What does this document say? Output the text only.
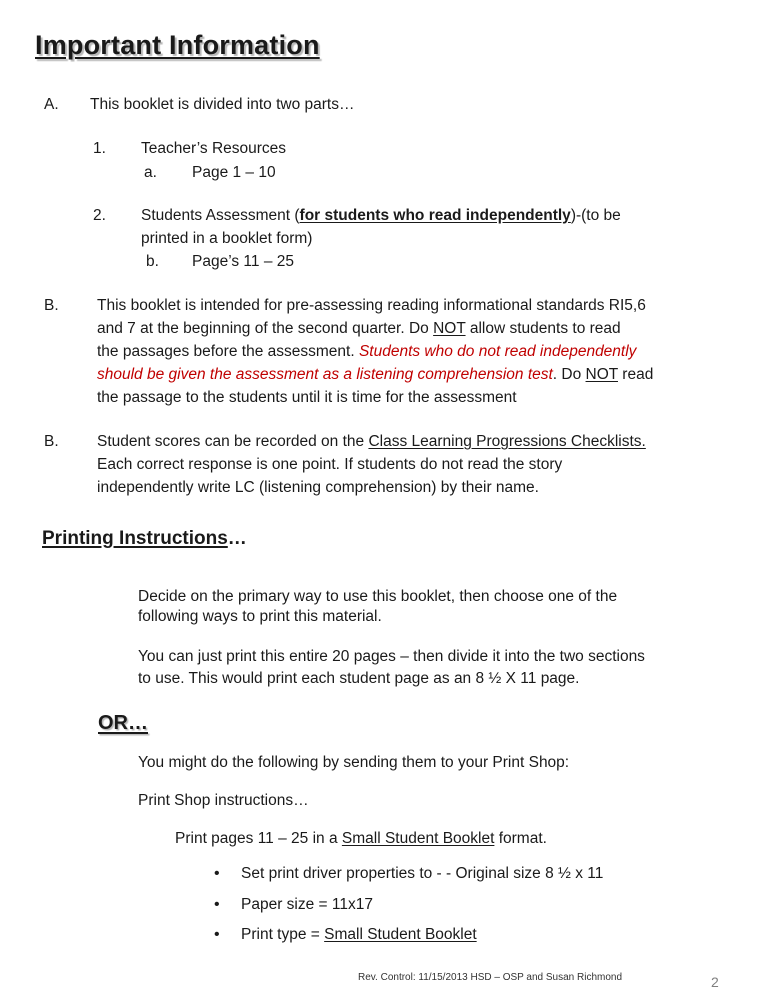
Important Information
A. This booklet is divided into two parts…
1. Teacher’s Resources
a. Page 1 – 10
2. Students Assessment (for students who read independently)-(to be
printed in a booklet form)
b. Page’s 11 – 25
B. This booklet is intended for pre-assessing reading informational standards RI5,6
and 7 at the beginning of the second quarter. Do NOT allow students to read
the passages before the assessment. Students who do not read independently
should be given the assessment as a listening comprehension test. Do NOT read
the passage to the students until it is time for the assessment
B. Student scores can be recorded on the Class Learning Progressions Checklists.
Each correct response is one point. If students do not read the story
independently write LC (listening comprehension) by their name.
Printing Instructions…
Decide on the primary way to use this booklet, then choose one of the
following ways to print this material.
You can just print this entire 20 pages – then divide it into the two sections
to use. This would print each student page as an 8 ½ X 11 page.
OR…
You might do the following by sending them to your Print Shop:
Print Shop instructions…
Print pages 11 – 25 in a Small Student Booklet format.
• Set print driver properties to - - Original size 8 ½ x 11
• Paper size = 11x17
• Print type = Small Student Booklet
Rev. Control: 11/15/2013 HSD – OSP and Susan Richmond	2
